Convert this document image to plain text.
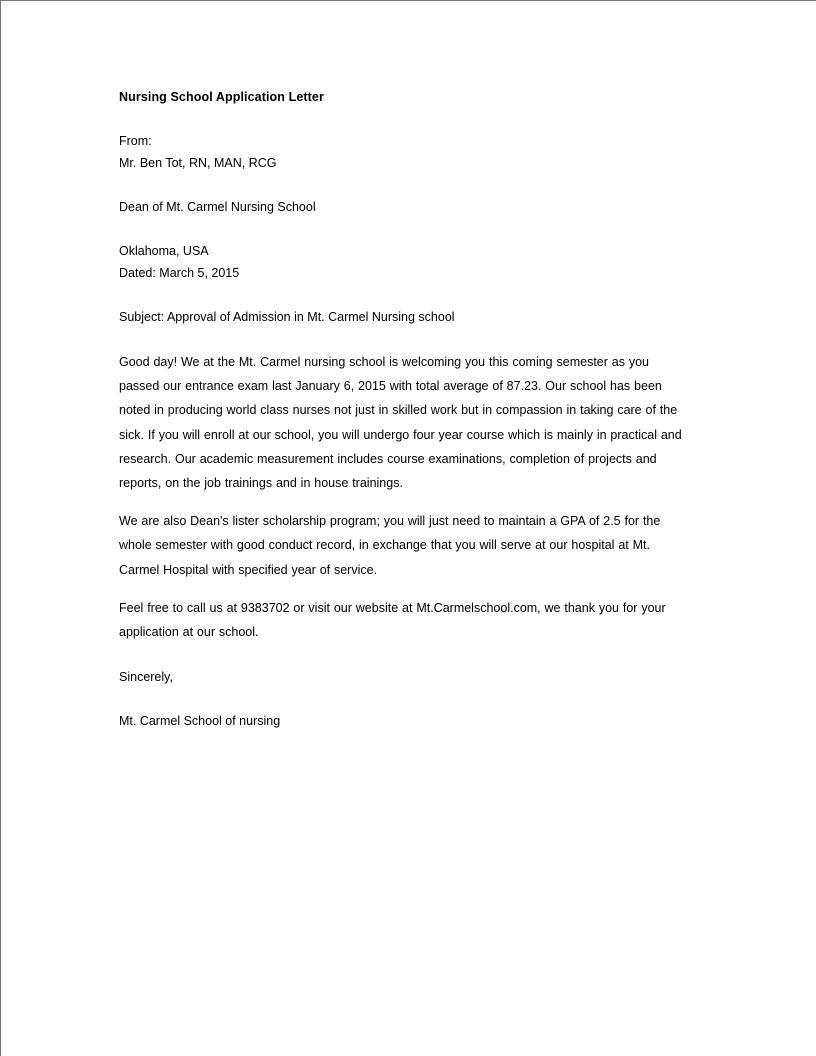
Nursing School Application Letter
From:
Mr. Ben Tot, RN, MAN, RCG
Dean of Mt. Carmel Nursing School
Oklahoma, USA
Dated: March 5, 2015
Subject: Approval of Admission in Mt. Carmel Nursing school
Good day! We at the Mt. Carmel nursing school is welcoming you this coming semester as you passed our entrance exam last January 6, 2015 with total average of 87.23. Our school has been noted in producing world class nurses not just in skilled work but in compassion in taking care of the sick. If you will enroll at our school, you will undergo four year course which is mainly in practical and research. Our academic measurement includes course examinations, completion of projects and reports, on the job trainings and in house trainings.
We are also Dean's lister scholarship program; you will just need to maintain a GPA of 2.5 for the whole semester with good conduct record, in exchange that you will serve at our hospital at Mt. Carmel Hospital with specified year of service.
Feel free to call us at 9383702 or visit our website at Mt.Carmelschool.com, we thank you for your application at our school.
Sincerely,
Mt. Carmel School of nursing
